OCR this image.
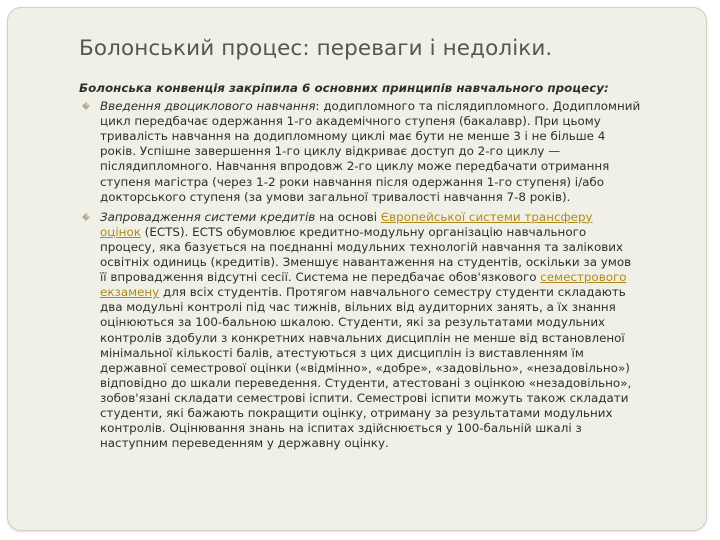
Болонський процес: переваги і недоліки.
Болонська конвенція закріпила 6 основних принципів навчального процесу:
Введення двоциклового навчання: додипломного та післядипломного. Додипломний
цикл передбачає одержання 1-го академічного ступеня (бакалавр). При цьому
тривалість навчання на додипломному циклі має бути не менше 3 і не більше 4
років. Успішне завершення 1-го циклу відкриває доступ до 2-го циклу —
післядипломного. Навчання впродовж 2-го циклу може передбачати отримання
ступеня магістра (через 1-2 роки навчання після одержання 1-го ступеня) і/або
докторського ступеня (за умови загальної тривалості навчання 7-8 років).
Запровадження системи кредитів на основі Європейської системи трансферу
оцінок (ECTS). ECTS обумовлює кредитно-модульну організацію навчального
процесу, яка базується на поєднанні модульних технологій навчання та залікових
освітніх одиниць (кредитів). Зменшує навантаження на студентів, оскільки за умов
її впровадження відсутні сесії. Система не передбачає обов'язкового семестрового
екзамену для всіх студентів. Протягом навчального семестру студенти складають
два модульні контролі під час тижнів, вільних від аудиторних занять, а їх знання
оцінюються за 100-бальною шкалою. Студенти, які за результатами модульних
контролів здобули з конкретних навчальних дисциплін не менше від встановленої
мінімальної кількості балів, атестуються з цих дисциплін із виставленням їм
державної семестрової оцінки («відмінно», «добре», «задовільно», «незадовільно»)
відповідно до шкали переведення. Студенти, атестовані з оцінкою «незадовільно»,
зобов'язані складати семестрові іспити. Семестрові іспити можуть також складати
студенти, які бажають покращити оцінку, отриману за результатами модульних
контролів. Оцінювання знань на іспитах здійснюється у 100-бальній шкалі з
наступним переведенням у державну оцінку.
